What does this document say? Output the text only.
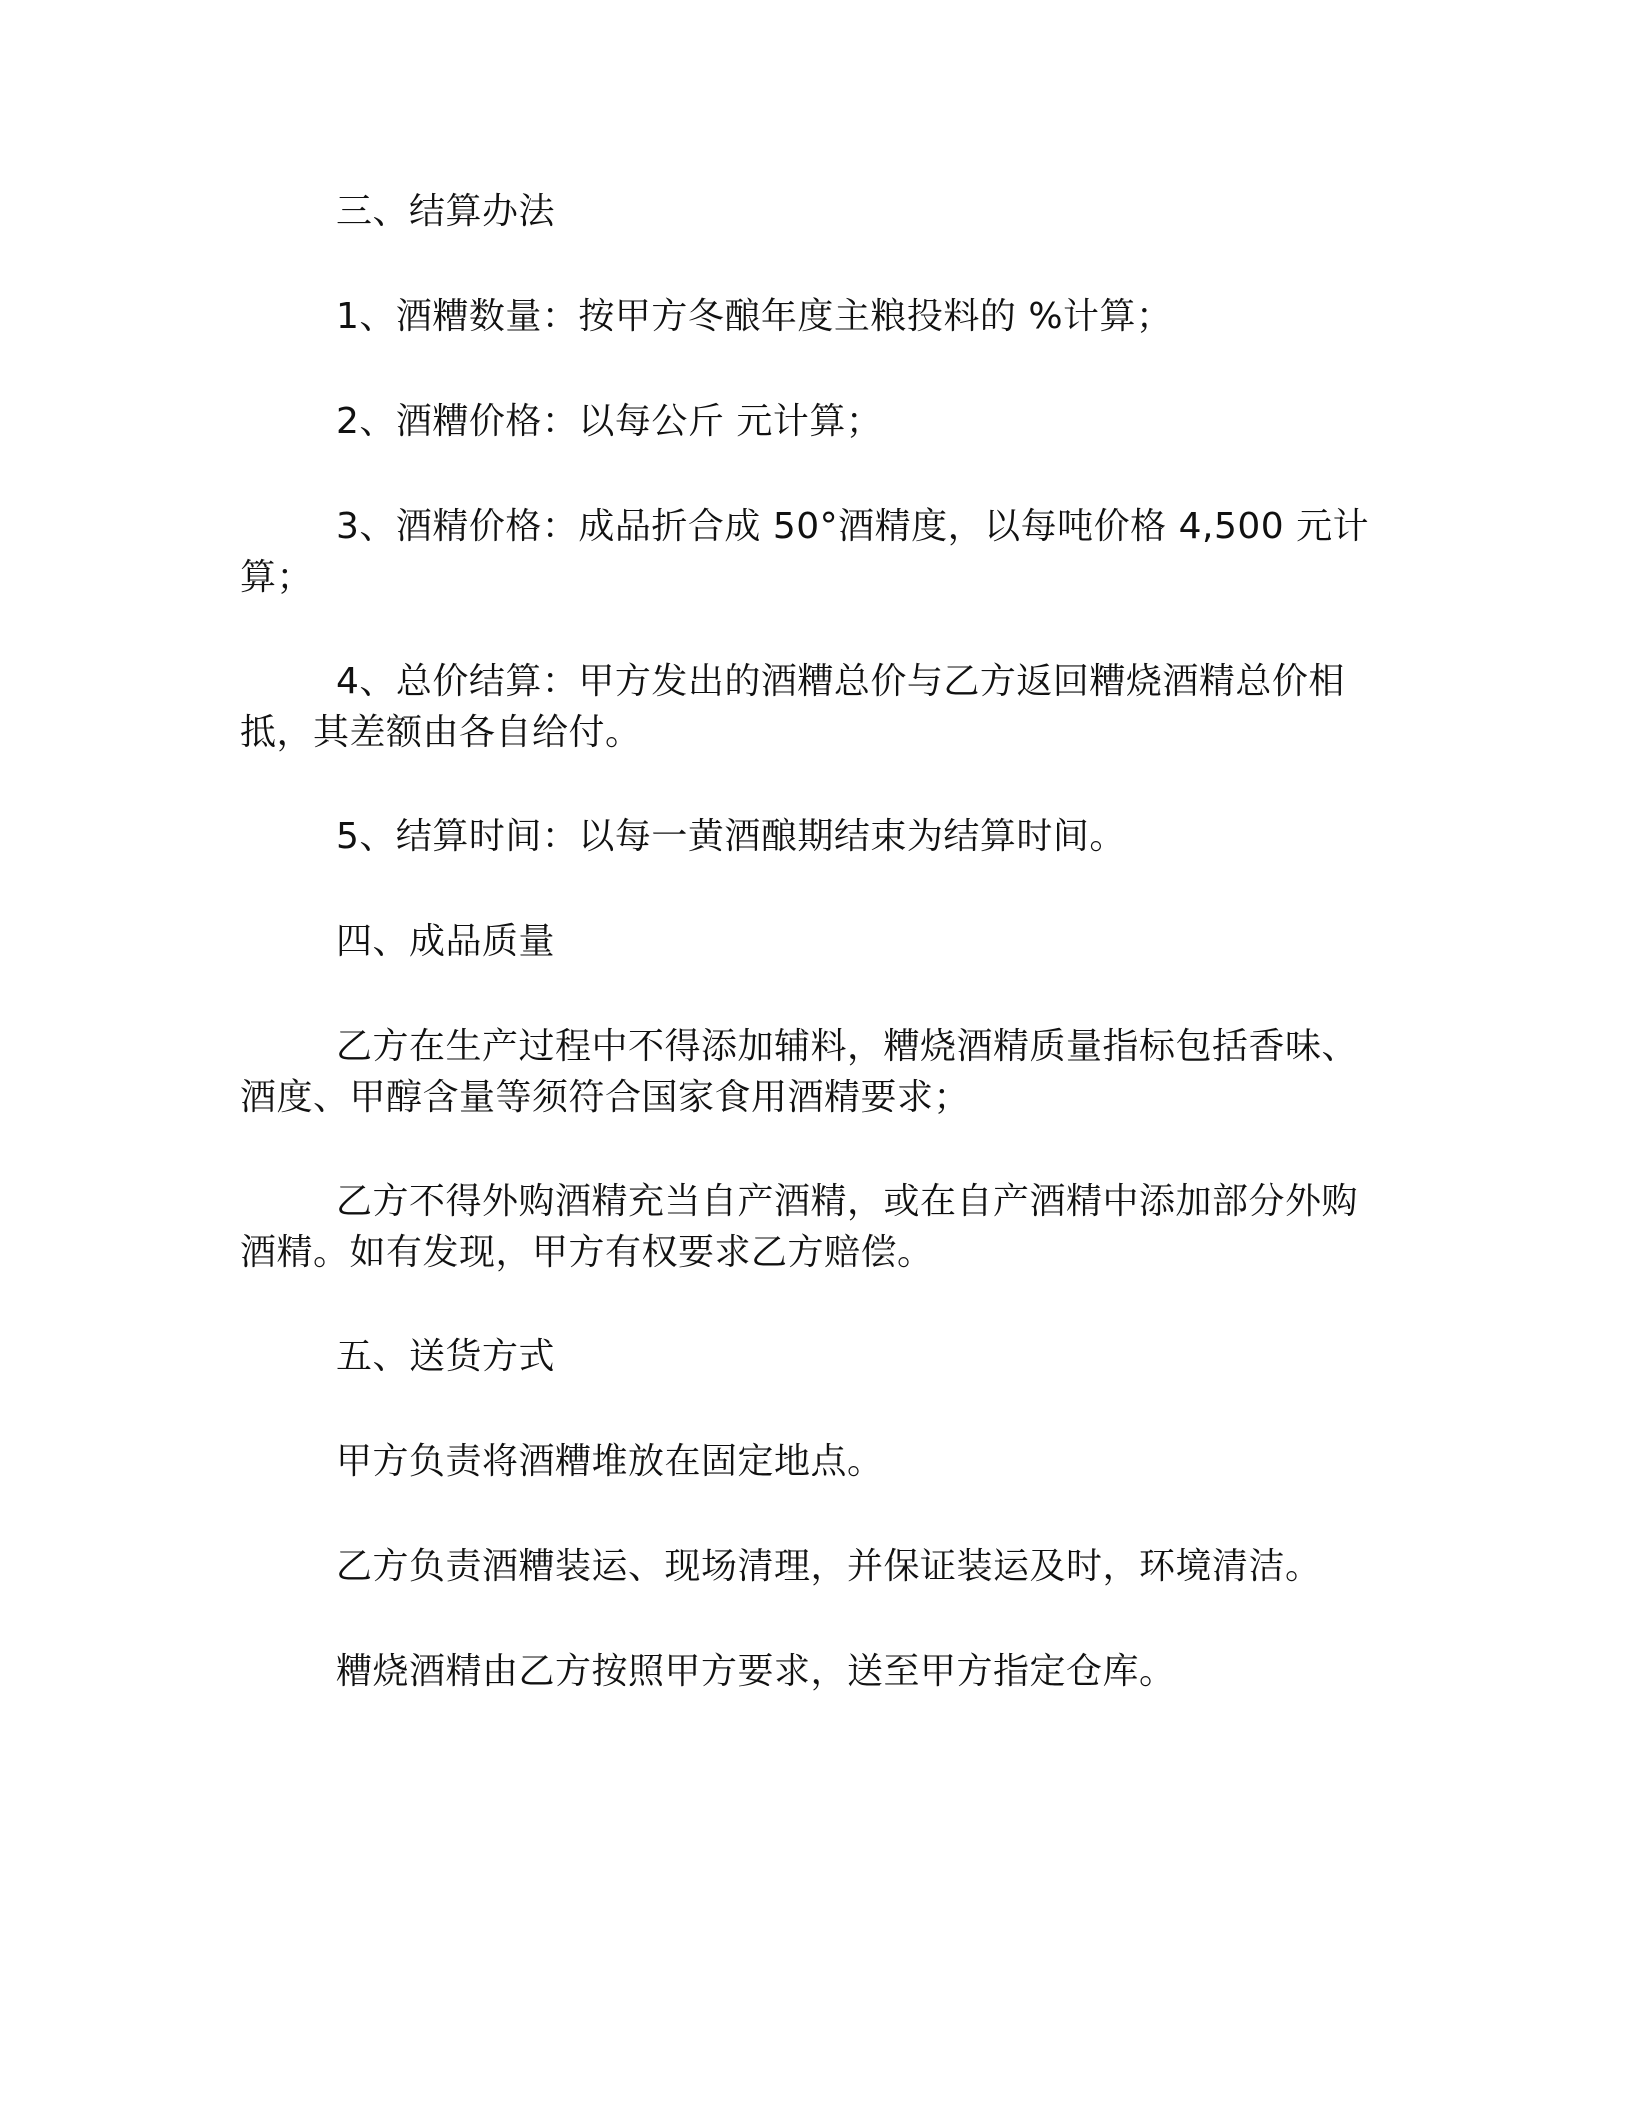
三、结算办法

1、酒糟数量：按甲方冬酿年度主粮投料的 %计算；

2、酒糟价格：以每公斤 元计算；

3、酒精价格：成品折合成 50°酒精度，以每吨价格 4,500 元计算；

4、总价结算：甲方发出的酒糟总价与乙方返回糟烧酒精总价相抵，其差额由各自给付。

5、结算时间：以每一黄酒酿期结束为结算时间。

四、成品质量

乙方在生产过程中不得添加辅料，糟烧酒精质量指标包括香味、酒度、甲醇含量等须符合国家食用酒精要求；

乙方不得外购酒精充当自产酒精，或在自产酒精中添加部分外购酒精。如有发现，甲方有权要求乙方赔偿。

五、送货方式

甲方负责将酒糟堆放在固定地点。

乙方负责酒糟装运、现场清理，并保证装运及时，环境清洁。

糟烧酒精由乙方按照甲方要求，送至甲方指定仓库。
